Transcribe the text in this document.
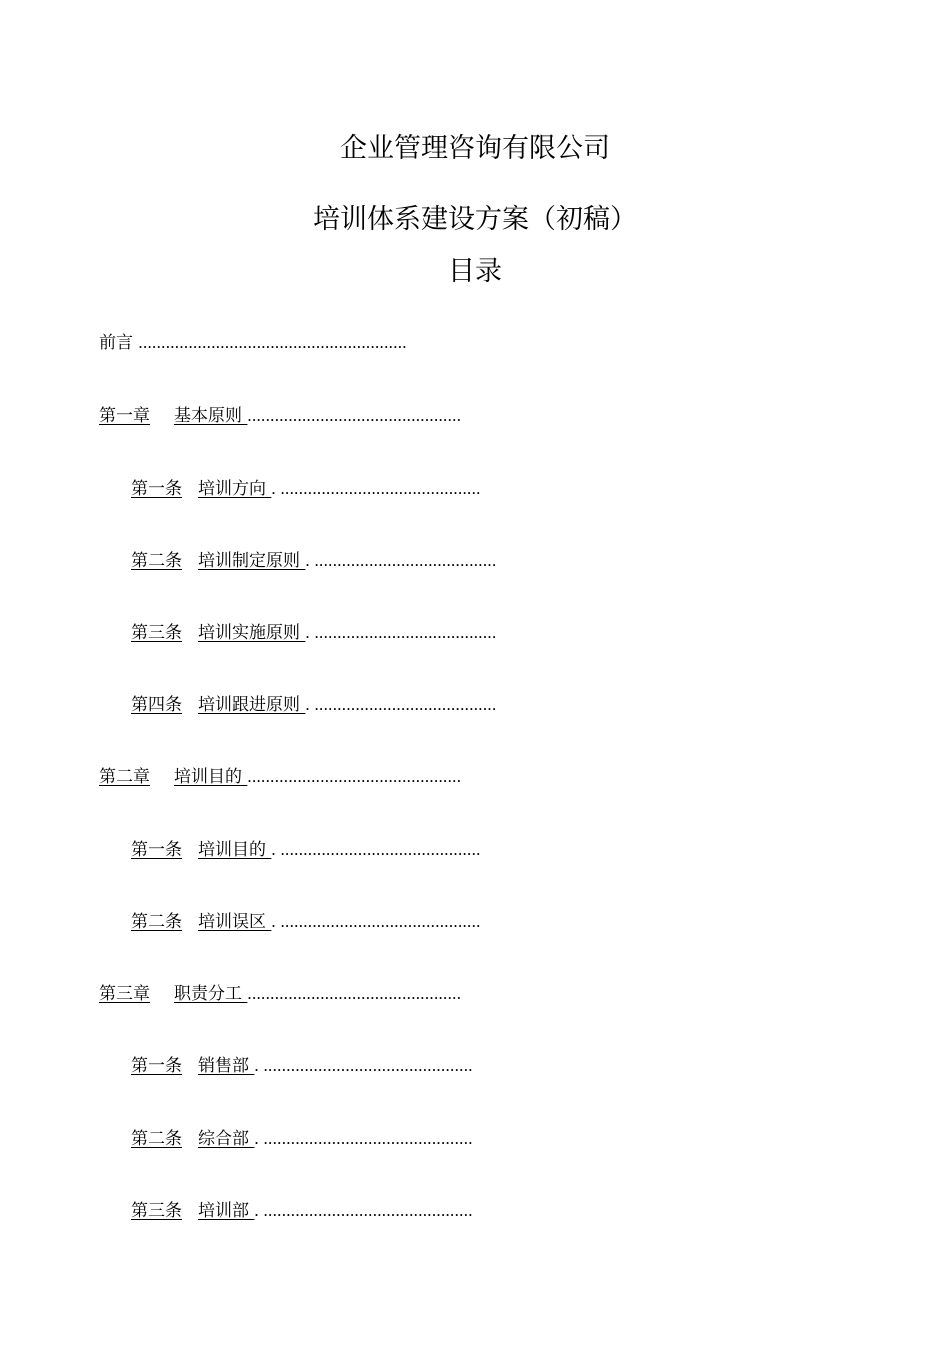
企业管理咨询有限公司
培训体系建设方案（初稿）
目录
前言 ...........................................................
第一章 基本原则 ...............................................
第一条 培训方向 . ............................................
第二条 培训制定原则 . ........................................
第三条 培训实施原则 . ........................................
第四条 培训跟进原则 . ........................................
第二章 培训目的 ...............................................
第一条 培训目的 . ............................................
第二条 培训误区 . ............................................
第三章 职责分工 ...............................................
第一条 销售部 . ..............................................
第二条 综合部 . ..............................................
第三条 培训部 . ..............................................
